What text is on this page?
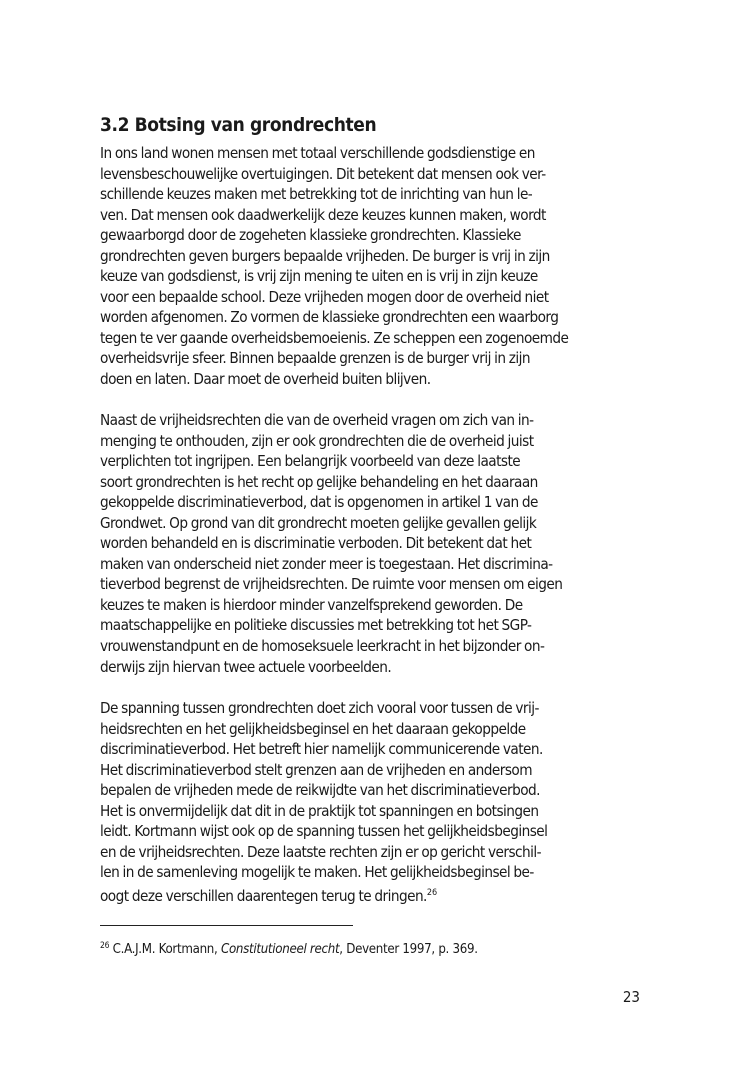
3.2 Botsing van grondrechten
In ons land wonen mensen met totaal verschillende godsdienstige en
levensbeschouwelijke overtuigingen. Dit betekent dat mensen ook ver-
schillende keuzes maken met betrekking tot de inrichting van hun le-
ven. Dat mensen ook daadwerkelijk deze keuzes kunnen maken, wordt
gewaarborgd door de zogeheten klassieke grondrechten. Klassieke
grondrechten geven burgers bepaalde vrijheden. De burger is vrij in zijn
keuze van godsdienst, is vrij zijn mening te uiten en is vrij in zijn keuze
voor een bepaalde school. Deze vrijheden mogen door de overheid niet
worden afgenomen. Zo vormen de klassieke grondrechten een waarborg
tegen te ver gaande overheidsbemoeienis. Ze scheppen een zogenoemde
overheidsvrije sfeer. Binnen bepaalde grenzen is de burger vrij in zijn
doen en laten. Daar moet de overheid buiten blijven.
Naast de vrijheidsrechten die van de overheid vragen om zich van in-
menging te onthouden, zijn er ook grondrechten die de overheid juist
verplichten tot ingrijpen. Een belangrijk voorbeeld van deze laatste
soort grondrechten is het recht op gelijke behandeling en het daaraan
gekoppelde discriminatieverbod, dat is opgenomen in artikel 1 van de
Grondwet. Op grond van dit grondrecht moeten gelijke gevallen gelijk
worden behandeld en is discriminatie verboden. Dit betekent dat het
maken van onderscheid niet zonder meer is toegestaan. Het discrimina-
tieverbod begrenst de vrijheidsrechten. De ruimte voor mensen om eigen
keuzes te maken is hierdoor minder vanzelfsprekend geworden. De
maatschappelijke en politieke discussies met betrekking tot het SGP-
vrouwenstandpunt en de homoseksuele leerkracht in het bijzonder on-
derwijs zijn hiervan twee actuele voorbeelden.
De spanning tussen grondrechten doet zich vooral voor tussen de vrij-
heidsrechten en het gelijkheidsbeginsel en het daaraan gekoppelde
discriminatieverbod. Het betreft hier namelijk communicerende vaten.
Het discriminatieverbod stelt grenzen aan de vrijheden en andersom
bepalen de vrijheden mede de reikwijdte van het discriminatieverbod.
Het is onvermijdelijk dat dit in de praktijk tot spanningen en botsingen
leidt. Kortmann wijst ook op de spanning tussen het gelijkheidsbeginsel
en de vrijheidsrechten. Deze laatste rechten zijn er op gericht verschil-
len in de samenleving mogelijk te maken. Het gelijkheidsbeginsel be-
oogt deze verschillen daarentegen terug te dringen.$^{26}$

$^{26}$ C.A.J.M. Kortmann, Constitutioneel recht, Deventer 1997, p. 369.

23
